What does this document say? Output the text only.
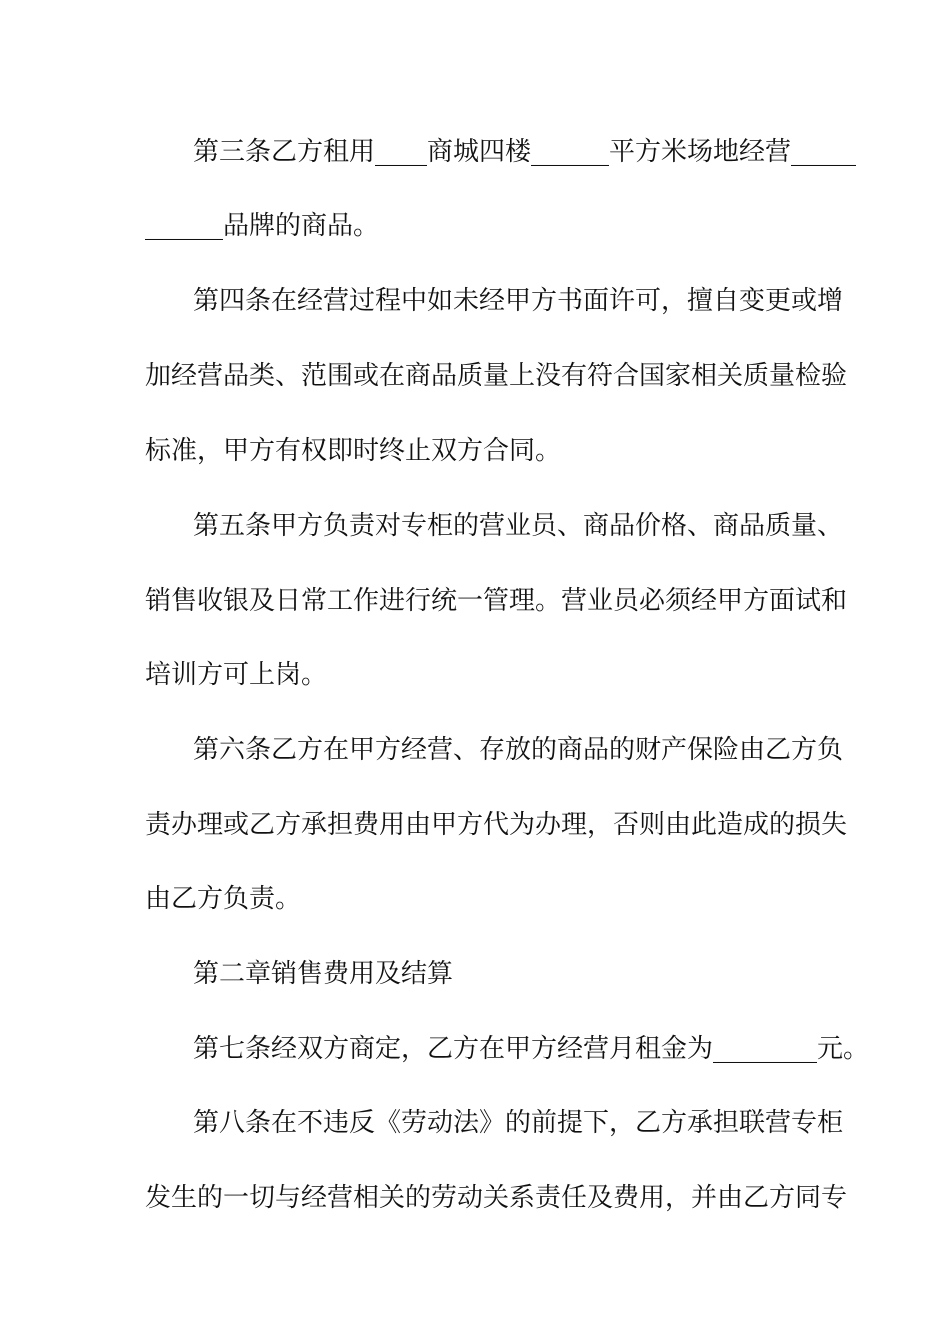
第三条乙方租用____商城四楼______平方米场地经营_____
______品牌的商品。
第四条在经营过程中如未经甲方书面许可，擅自变更或增
加经营品类、范围或在商品质量上没有符合国家相关质量检验
标准，甲方有权即时终止双方合同。
第五条甲方负责对专柜的营业员、商品价格、商品质量、
销售收银及日常工作进行统一管理。营业员必须经甲方面试和
培训方可上岗。
第六条乙方在甲方经营、存放的商品的财产保险由乙方负
责办理或乙方承担费用由甲方代为办理，否则由此造成的损失
由乙方负责。
第二章销售费用及结算
第七条经双方商定，乙方在甲方经营月租金为________元。
第八条在不违反《劳动法》的前提下，乙方承担联营专柜
发生的一切与经营相关的劳动关系责任及费用，并由乙方同专
